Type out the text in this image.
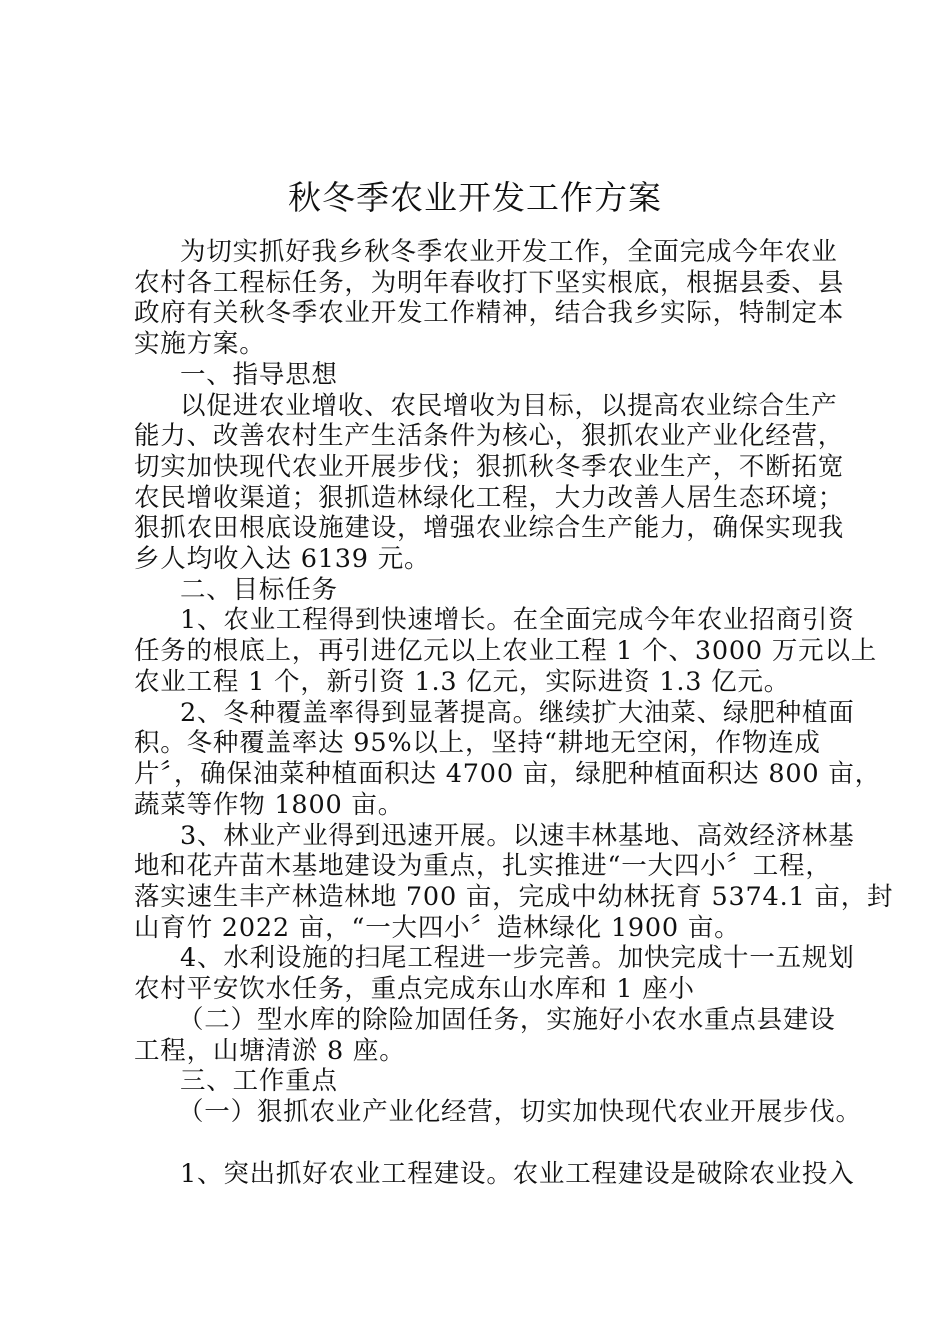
秋冬季农业开发工作方案
为切实抓好我乡秋冬季农业开发工作，全面完成今年农业
农村各工程标任务，为明年春收打下坚实根底，根据县委、县
政府有关秋冬季农业开发工作精神，结合我乡实际，特制定本
实施方案。
一、指导思想
以促进农业增收、农民增收为目标，以提高农业综合生产
能力、改善农村生产生活条件为核心，狠抓农业产业化经营，
切实加快现代农业开展步伐；狠抓秋冬季农业生产，不断拓宽
农民增收渠道；狠抓造林绿化工程，大力改善人居生态环境；
狠抓农田根底设施建设，增强农业综合生产能力，确保实现我
乡人均收入达 6139 元。
二、目标任务
1、农业工程得到快速增长。在全面完成今年农业招商引资
任务的根底上，再引进亿元以上农业工程 1 个、3000 万元以上
农业工程 1 个，新引资 1.3 亿元，实际进资 1.3 亿元。
2、冬种覆盖率得到显著提高。继续扩大油菜、绿肥种植面
积。冬种覆盖率达 95%以上，坚持“耕地无空闲，作物连成
片〞，确保油菜种植面积达 4700 亩，绿肥种植面积达 800 亩，
蔬菜等作物 1800 亩。
3、林业产业得到迅速开展。以速丰林基地、高效经济林基
地和花卉苗木基地建设为重点，扎实推进“一大四小〞工程，
落实速生丰产林造林地 700 亩，完成中幼林抚育 5374.1 亩，封
山育竹 2022 亩，“一大四小〞造林绿化 1900 亩。
4、水利设施的扫尾工程进一步完善。加快完成十一五规划
农村平安饮水任务，重点完成东山水库和 1 座小
（二）型水库的除险加固任务，实施好小农水重点县建设
工程，山塘清淤 8 座。
三、工作重点
（一）狠抓农业产业化经营，切实加快现代农业开展步伐。
1、突出抓好农业工程建设。农业工程建设是破除农业投入
